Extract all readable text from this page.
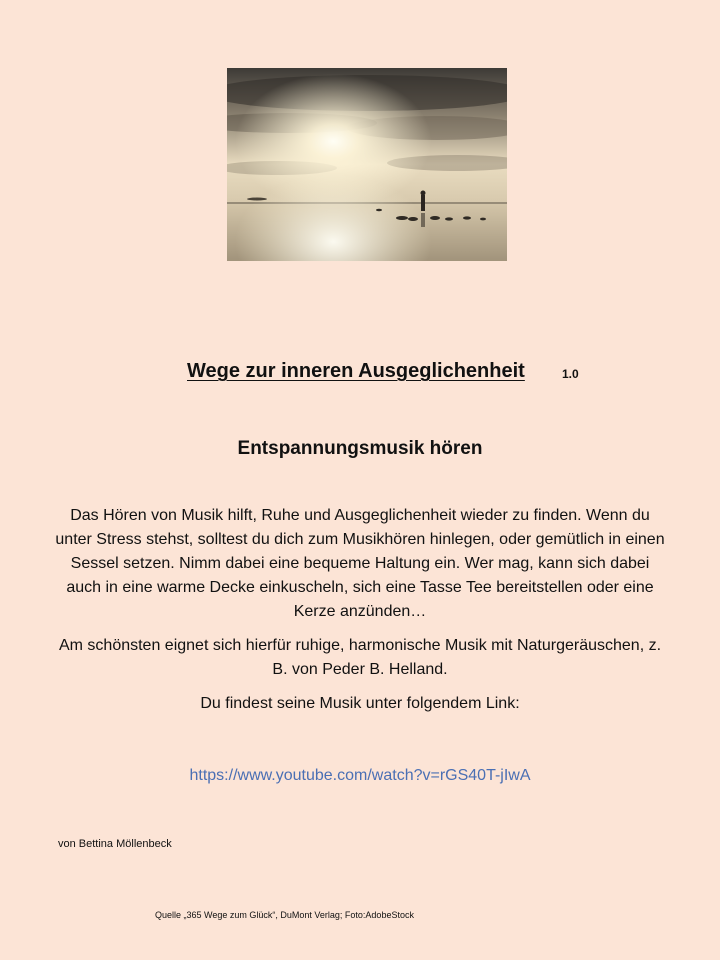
Wege zur inneren Ausgeglichenheit	1.0
Entspannungsmusik hören

Das Hören von Musik hilft, Ruhe und Ausgeglichenheit wieder zu finden. Wenn du unter Stress stehst, solltest du dich zum Musikhören hinlegen, oder gemütlich in einen Sessel setzen. Nimm dabei eine bequeme Haltung ein. Wer mag, kann sich dabei auch in eine warme Decke einkuscheln, sich eine Tasse Tee bereitstellen oder eine Kerze anzünden…

Am schönsten eignet sich hierfür ruhige, harmonische Musik mit Naturgeräuschen, z. B. von Peder B. Helland.

Du findest seine Musik unter folgendem Link:

https://www.youtube.com/watch?v=rGS40T-jIwA
von Bettina Möllenbeck
Quelle „365 Wege zum Glück“, DuMont Verlag; Foto:AdobeStock
